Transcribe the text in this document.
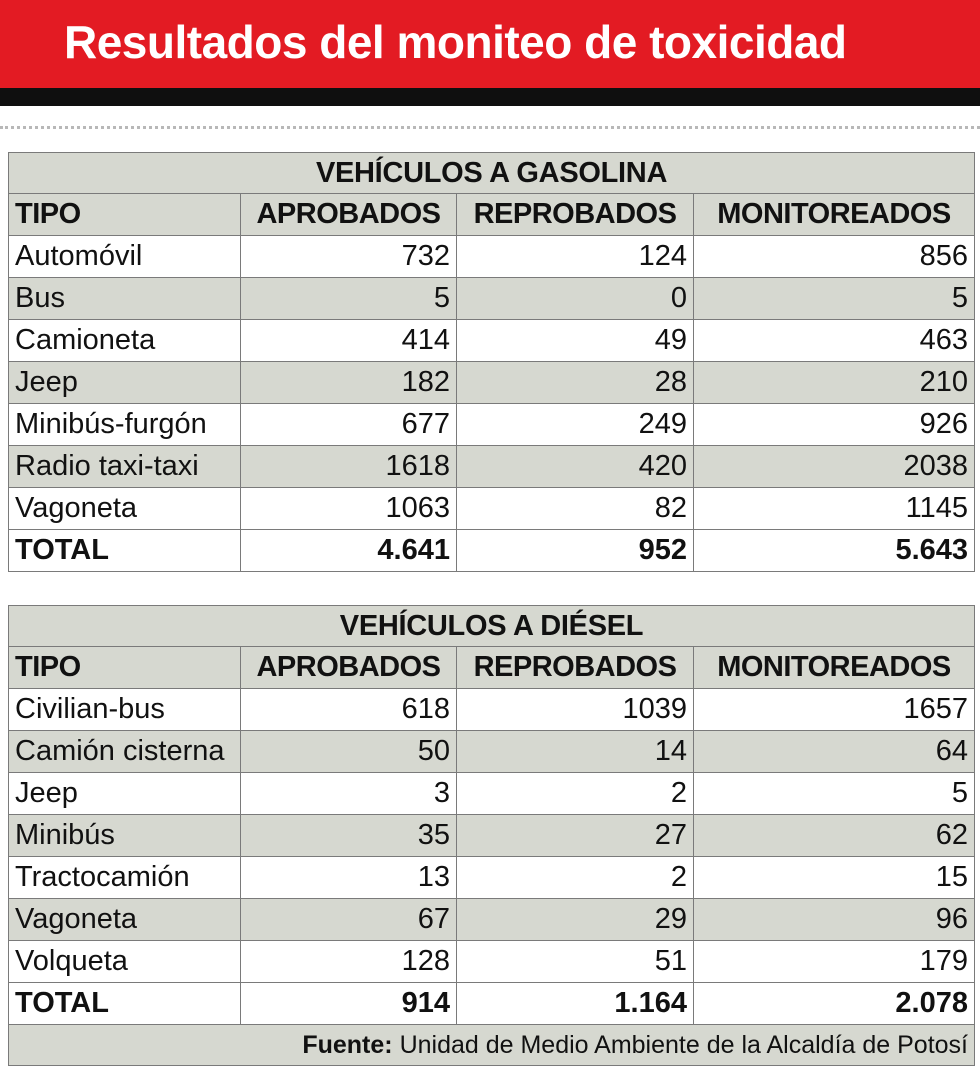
Resultados del moniteo de toxicidad
VEHÍCULOS A GASOLINA			
TIPO	APROBADOS	REPROBADOS	MONITOREADOS
Automóvil	732	124	856
Bus	5	0	5
Camioneta	414	49	463
Jeep	182	28	210
Minibús-furgón	677	249	926
Radio taxi-taxi	1618	420	2038
Vagoneta	1063	82	1145
TOTAL	4.641	952	5.643
VEHÍCULOS A DIÉSEL			
TIPO	APROBADOS	REPROBADOS	MONITOREADOS
Civilian-bus	618	1039	1657
Camión cisterna	50	14	64
Jeep	3	2	5
Minibús	35	27	62
Tractocamión	13	2	15
Vagoneta	67	29	96
Volqueta	128	51	179
TOTAL	914	1.164	2.078
Fuente: Unidad de Medio Ambiente de la Alcaldía de Potosí			
